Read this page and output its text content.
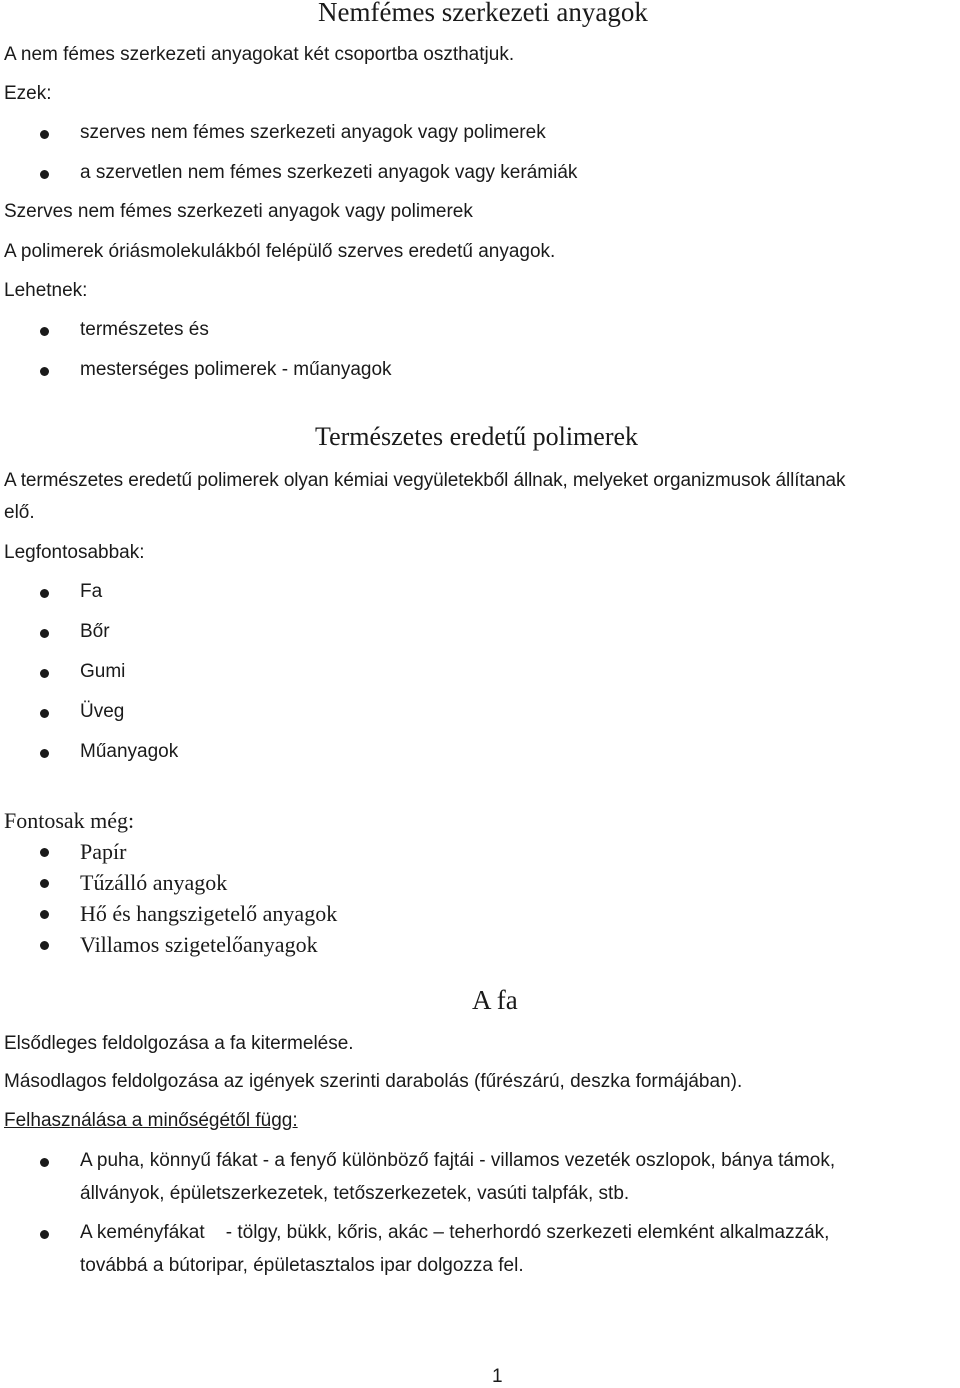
Nemfémes szerkezeti anyagok
A nem fémes szerkezeti anyagokat két csoportba oszthatjuk.
Ezek:
szerves nem fémes szerkezeti anyagok vagy polimerek
a szervetlen nem fémes szerkezeti anyagok vagy kerámiák
Szerves nem fémes szerkezeti anyagok vagy polimerek
A polimerek óriásmolekulákból felépülő szerves eredetű anyagok.
Lehetnek:
természetes és
mesterséges polimerek - műanyagok
Természetes eredetű polimerek
A természetes eredetű polimerek olyan kémiai vegyületekből állnak, melyeket organizmusok állítanak
elő.
Legfontosabbak:
Fa
Bőr
Gumi
Üveg
Műanyagok
Fontosak még:
Papír
Tűzálló anyagok
Hő és hangszigetelő anyagok
Villamos szigetelőanyagok
A fa
Elsődleges feldolgozása a fa kitermelése.
Másodlagos feldolgozása az igények szerinti darabolás (fűrészárú, deszka formájában).
Felhasználása a minőségétől függ:
A puha, könnyű fákat - a fenyő különböző fajtái - villamos vezeték oszlopok, bánya támok,
állványok, épületszerkezetek, tetőszerkezetek, vasúti talpfák, stb.
A keményfákat    - tölgy, bükk, kőris, akác – teherhordó szerkezeti elemként alkalmazzák,
továbbá a bútoripar, épületasztalos ipar dolgozza fel.
1
